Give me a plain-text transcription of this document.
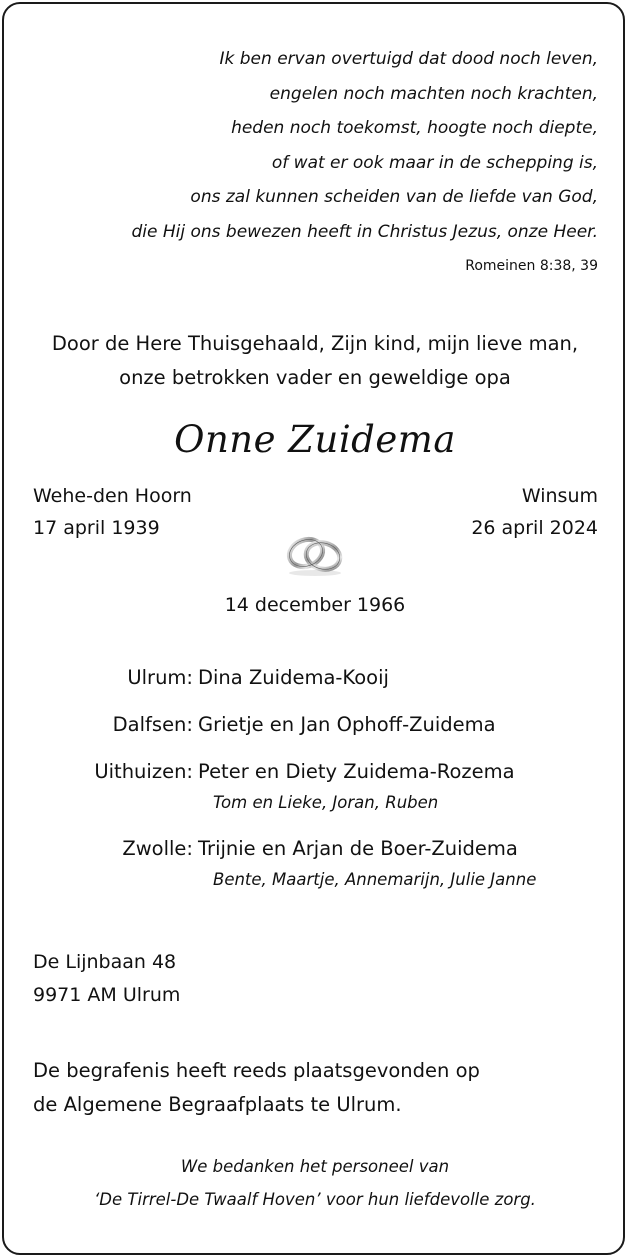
Ik ben ervan overtuigd dat dood noch leven,
engelen noch machten noch krachten,
heden noch toekomst, hoogte noch diepte,
of wat er ook maar in de schepping is,
ons zal kunnen scheiden van de liefde van God,
die Hij ons bewezen heeft in Christus Jezus, onze Heer.
Romeinen 8:38, 39
Door de Here Thuisgehaald, Zijn kind, mijn lieve man,
onze betrokken vader en geweldige opa
Onne Zuidema
Wehe-den Hoorn
17 april 1939
Winsum
26 april 2024
14 december 1966
Ulrum: Dina Zuidema-Kooij
Dalfsen: Grietje en Jan Ophoff-Zuidema
Uithuizen: Peter en Diety Zuidema-Rozema
Tom en Lieke, Joran, Ruben
Zwolle: Trijnie en Arjan de Boer-Zuidema
Bente, Maartje, Annemarijn, Julie Janne
De Lijnbaan 48
9971 AM Ulrum
De begrafenis heeft reeds plaatsgevonden op
de Algemene Begraafplaats te Ulrum.
We bedanken het personeel van
‘De Tirrel-De Twaalf Hoven’ voor hun liefdevolle zorg.
